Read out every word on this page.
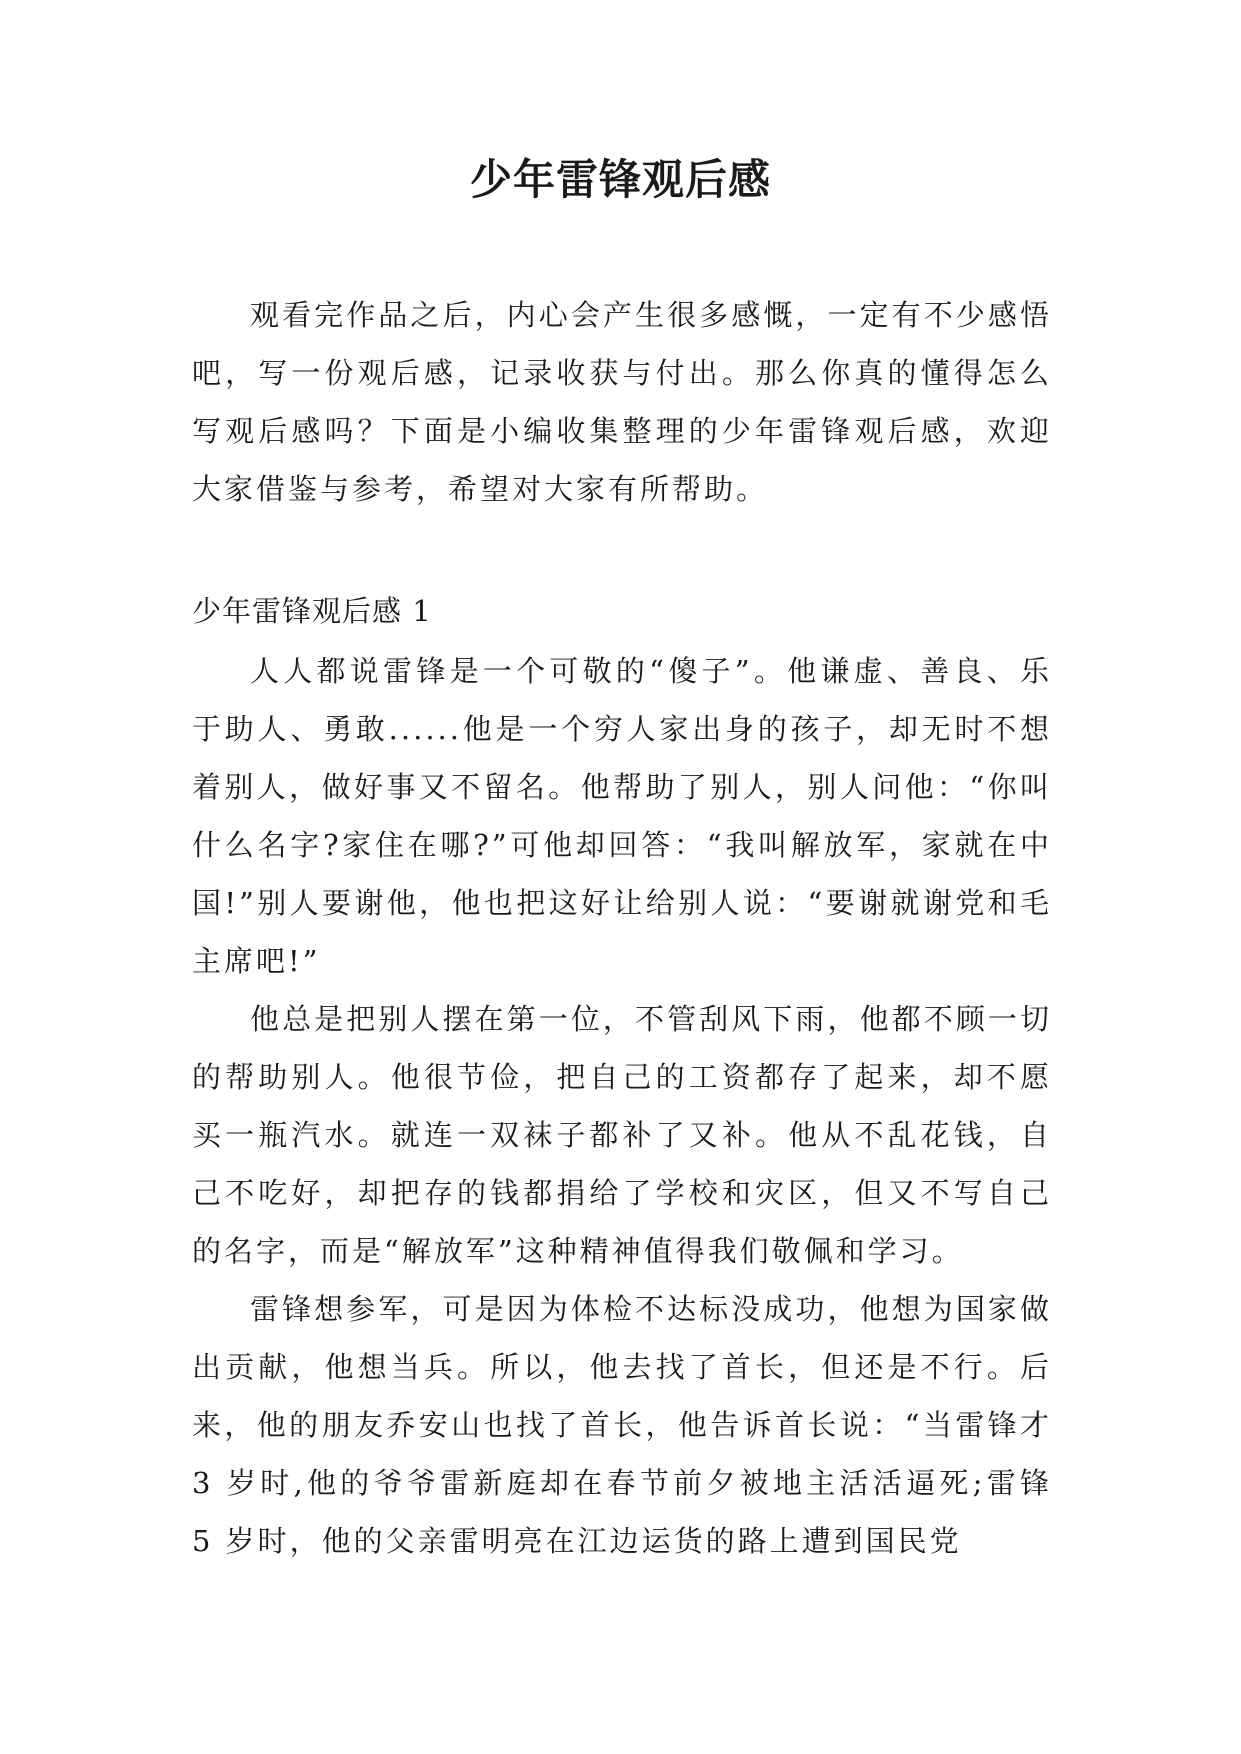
少年雷锋观后感

观看完作品之后，内心会产生很多感慨，一定有不少感悟吧，写一份观后感，记录收获与付出。那么你真的懂得怎么写观后感吗？下面是小编收集整理的少年雷锋观后感，欢迎大家借鉴与参考，希望对大家有所帮助。

少年雷锋观后感 1

人人都说雷锋是一个可敬的“傻子”。他谦虚、善良、乐于助人、勇敢......他是一个穷人家出身的孩子，却无时不想着别人，做好事又不留名。他帮助了别人，别人问他：“你叫什么名字?家住在哪?”可他却回答：“我叫解放军，家就在中国!”别人要谢他，他也把这好让给别人说：“要谢就谢党和毛主席吧!”

他总是把别人摆在第一位，不管刮风下雨，他都不顾一切的帮助别人。他很节俭，把自己的工资都存了起来，却不愿买一瓶汽水。就连一双袜子都补了又补。他从不乱花钱，自己不吃好，却把存的钱都捐给了学校和灾区，但又不写自己的名字，而是“解放军”这种精神值得我们敬佩和学习。

雷锋想参军，可是因为体检不达标没成功，他想为国家做出贡献，他想当兵。所以，他去找了首长，但还是不行。后来，他的朋友乔安山也找了首长，他告诉首长说：“当雷锋才 3 岁时,他的爷爷雷新庭却在春节前夕被地主活活逼死;雷锋 5 岁时，他的父亲雷明亮在江边运货的路上遭到国民党
